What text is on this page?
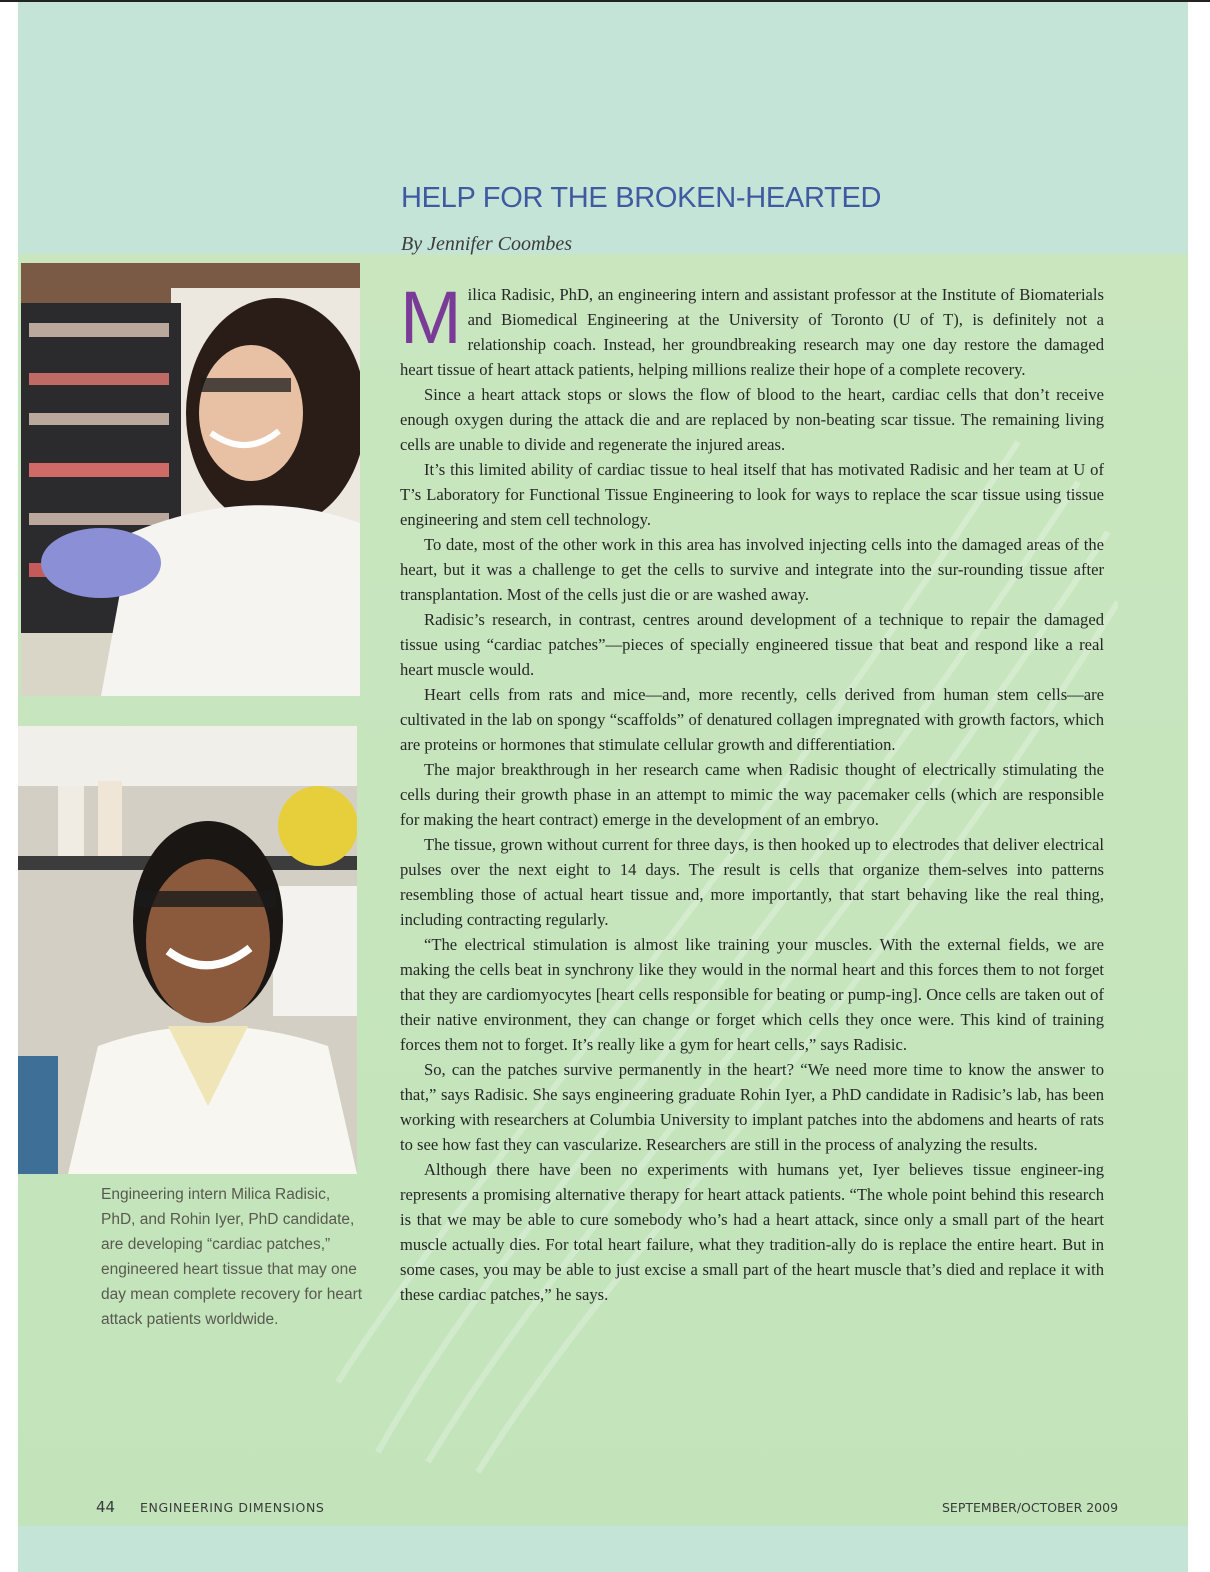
HELP FOR THE BROKEN-HEARTED
By Jennifer Coombes
Engineering intern Milica Radisic, PhD, and Rohin Iyer, PhD candidate, are developing “cardiac patches,” engineered heart tissue that may one day mean complete recovery for heart attack patients worldwide.

Milica Radisic, PhD, an engineering intern and assistant professor at the Institute of Biomaterials and Biomedical Engineering at the University of Toronto (U of T), is definitely not a relationship coach. Instead, her groundbreaking research may one day restore the damaged heart tissue of heart attack patients, helping millions realize their hope of a complete recovery.

Since a heart attack stops or slows the flow of blood to the heart, cardiac cells that don’t receive enough oxygen during the attack die and are replaced by non-beating scar tissue. The remaining living cells are unable to divide and regenerate the injured areas.

It’s this limited ability of cardiac tissue to heal itself that has motivated Radisic and her team at U of T’s Laboratory for Functional Tissue Engineering to look for ways to replace the scar tissue using tissue engineering and stem cell technology.

To date, most of the other work in this area has involved injecting cells into the damaged areas of the heart, but it was a challenge to get the cells to survive and integrate into the sur-rounding tissue after transplantation. Most of the cells just die or are washed away.

Radisic’s research, in contrast, centres around development of a technique to repair the damaged tissue using “cardiac patches”—pieces of specially engineered tissue that beat and respond like a real heart muscle would.

Heart cells from rats and mice—and, more recently, cells derived from human stem cells—are cultivated in the lab on spongy “scaffolds” of denatured collagen impregnated with growth factors, which are proteins or hormones that stimulate cellular growth and differentiation.

The major breakthrough in her research came when Radisic thought of electrically stimulating the cells during their growth phase in an attempt to mimic the way pacemaker cells (which are responsible for making the heart contract) emerge in the development of an embryo.

The tissue, grown without current for three days, is then hooked up to electrodes that deliver electrical pulses over the next eight to 14 days. The result is cells that organize them-selves into patterns resembling those of actual heart tissue and, more importantly, that start behaving like the real thing, including contracting regularly.

“The electrical stimulation is almost like training your muscles. With the external fields, we are making the cells beat in synchrony like they would in the normal heart and this forces them to not forget that they are cardiomyocytes [heart cells responsible for beating or pump-ing]. Once cells are taken out of their native environment, they can change or forget which cells they once were. This kind of training forces them not to forget. It’s really like a gym for heart cells,” says Radisic.

So, can the patches survive permanently in the heart? “We need more time to know the answer to that,” says Radisic. She says engineering graduate Rohin Iyer, a PhD candidate in Radisic’s lab, has been working with researchers at Columbia University to implant patches into the abdomens and hearts of rats to see how fast they can vascularize. Researchers are still in the process of analyzing the results.

Although there have been no experiments with humans yet, Iyer believes tissue engineer-ing represents a promising alternative therapy for heart attack patients. “The whole point behind this research is that we may be able to cure somebody who’s had a heart attack, since only a small part of the heart muscle actually dies. For total heart failure, what they tradition-ally do is replace the entire heart. But in some cases, you may be able to just excise a small part of the heart muscle that’s died and replace it with these cardiac patches,” he says.

44 ENGINEERING DIMENSIONS	SEPTEMBER/OCTOBER 2009
